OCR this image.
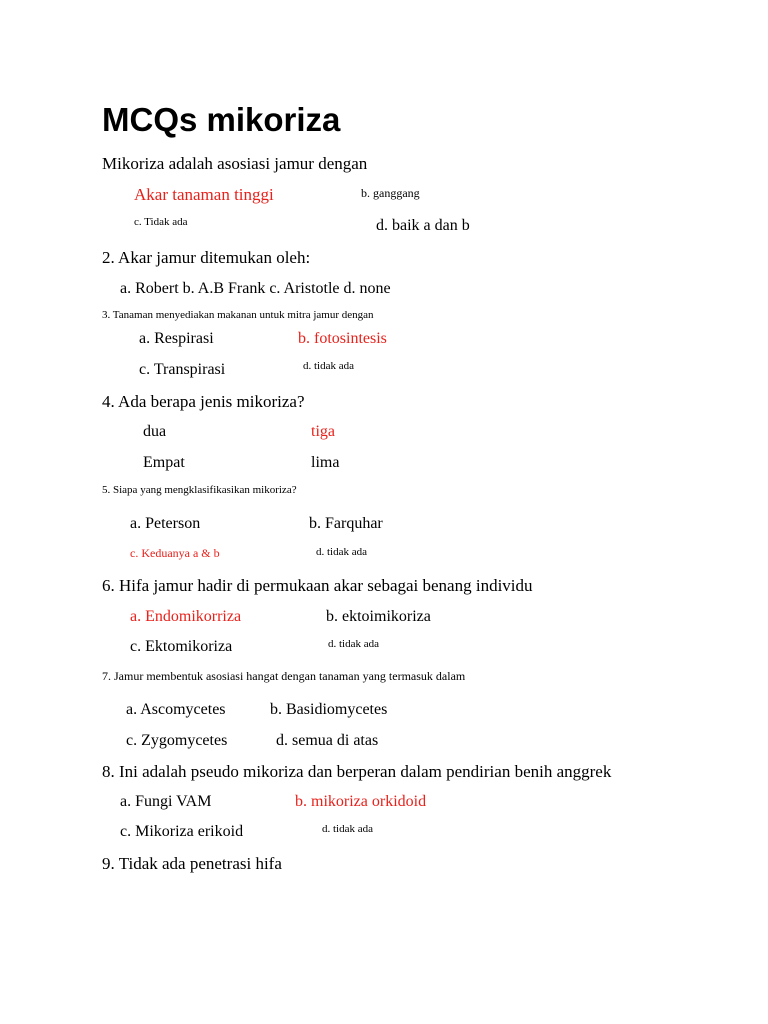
MCQs mikoriza
Mikoriza adalah asosiasi jamur dengan
Akar tanaman tinggi	b. ganggang
c. Tidak ada	d. baik a dan b
2. Akar jamur ditemukan oleh:
a. Robert b. A.B Frank c. Aristotle d. none
3. Tanaman menyediakan makanan untuk mitra jamur dengan
a. Respirasi	b. fotosintesis
c. Transpirasi	d. tidak ada
4. Ada berapa jenis mikoriza?
dua	tiga
Empat	lima
5. Siapa yang mengklasifikasikan mikoriza?
a. Peterson	b. Farquhar
c. Keduanya a & b	d. tidak ada
6. Hifa jamur hadir di permukaan akar sebagai benang individu
a. Endomikorriza	b. ektoimikoriza
c. Ektomikoriza	d. tidak ada
7. Jamur membentuk asosiasi hangat dengan tanaman yang termasuk dalam
a. Ascomycetes	b. Basidiomycetes
c. Zygomycetes	d. semua di atas
8. Ini adalah pseudo mikoriza dan berperan dalam pendirian benih anggrek
a. Fungi VAM	b. mikoriza orkidoid
c. Mikoriza erikoid	d. tidak ada
9. Tidak ada penetrasi hifa
